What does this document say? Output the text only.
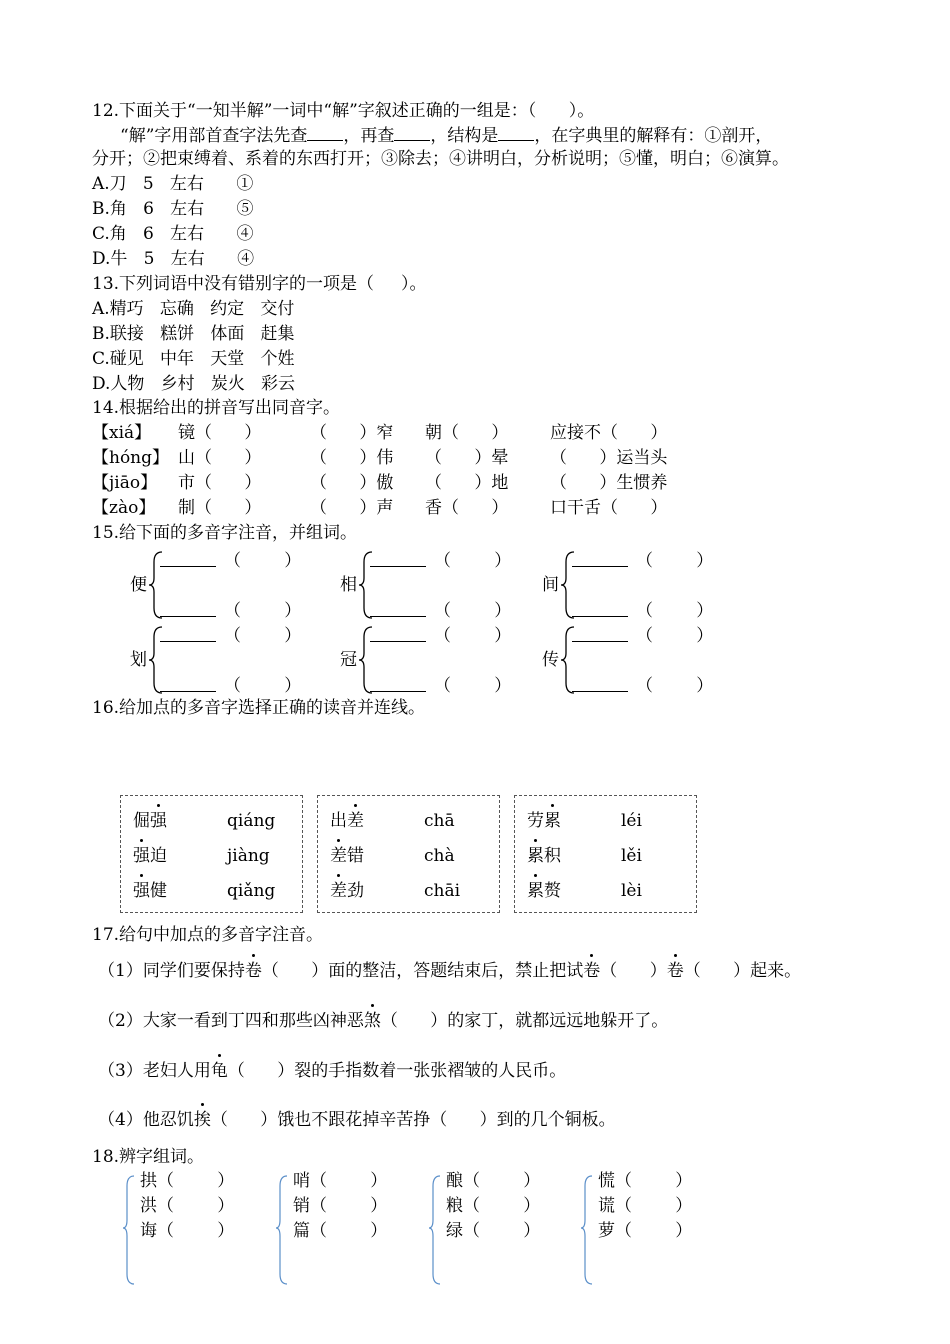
12.下面关于“一知半解”一词中“解”字叙述正确的一组是：（      ）。
“解”字用部首查字法先查 ，再查 ，结构是 ，在字典里的解释有：①剖开，
分开；②把束缚着、系着的东西打开；③除去；④讲明白，分析说明；⑤懂，明白；⑥演算。
A.刀   5   左右      ①
B.角   6   左右      ⑤
C.角   6   左右      ④
D.牛   5   左右      ④
13.下列词语中没有错别字的一项是（     ）。
A.精巧   忘确   约定   交付
B.联接   糕饼   体面   赶集
C.碰见   中年   天堂   个姓
D.人物   乡村   炭火   彩云
14.根据给出的拼音写出同音字。
【xiá】 镜（      ）	（      ）窄 朝（      ） 应接不（      ）
【hóng】 山（      ）	（      ）伟 （      ）晕 （      ）运当头
【jiāo】 市（      ）	（      ）傲 （      ）地 （      ）生惯养
【zào】 制（      ）	（      ）声 香（      ） 口干舌（      ）
15.给下面的多音字注音，并组词。
便
（        ）
（        ）
相
（        ）
（        ）
间
（        ）
（        ）
划
（        ）
（        ）
冠
（        ）
（        ）
传
（        ）
（        ）
16.给加点的多音字选择正确的读音并连线。
倔强	qiáng
强迫	jiàng
强健	qiǎng
出差	chā
差错	chà
差劲	chāi
劳累	léi
累积	lěi
累赘	lèi
17.给句中加点的多音字注音。
（1）同学们要保持卷（      ）面的整洁，答题结束后，禁止把试卷（      ）卷（      ）起来。
（2）大家一看到丁四和那些凶神恶煞（      ）的家丁，就都远远地躲开了。
（3）老妇人用龟（      ）裂的手指数着一张张褶皱的人民币。
（4）他忍饥挨（      ）饿也不跟花掉辛苦挣（      ）到的几个铜板。
18.辨字组词。
拱（        ）
洪（        ）
诲（        ）
哨（        ）
销（        ）
篇（        ）
酿（        ）
粮（        ）
绿（        ）
慌（        ）
谎（        ）
萝（        ）
